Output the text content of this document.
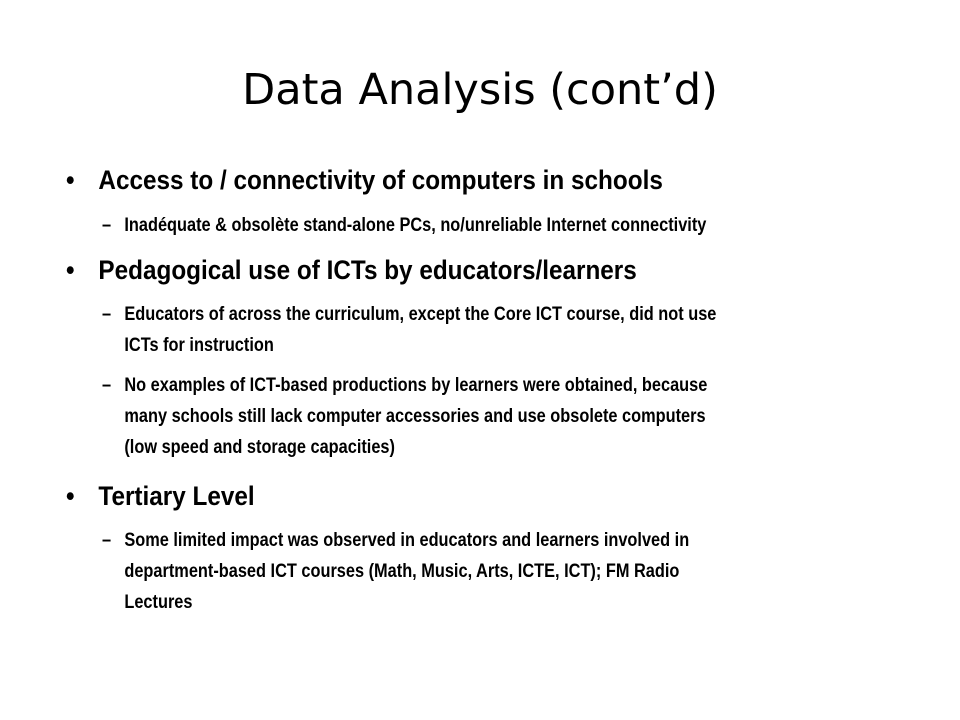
Data Analysis (cont’d)
• Access to / connectivity of computers in schools
– Inadéquate & obsolète stand-alone PCs, no/unreliable Internet connectivity
• Pedagogical use of ICTs by educators/learners
– Educators of across the curriculum, except the Core ICT course, did not use
ICTs for instruction
– No examples of ICT-based productions by learners were obtained, because
many schools still lack computer accessories and use obsolete computers
(low speed and storage capacities)
• Tertiary Level
– Some limited impact was observed in educators and learners involved in
department-based ICT courses (Math, Music, Arts, ICTE, ICT); FM Radio
Lectures
